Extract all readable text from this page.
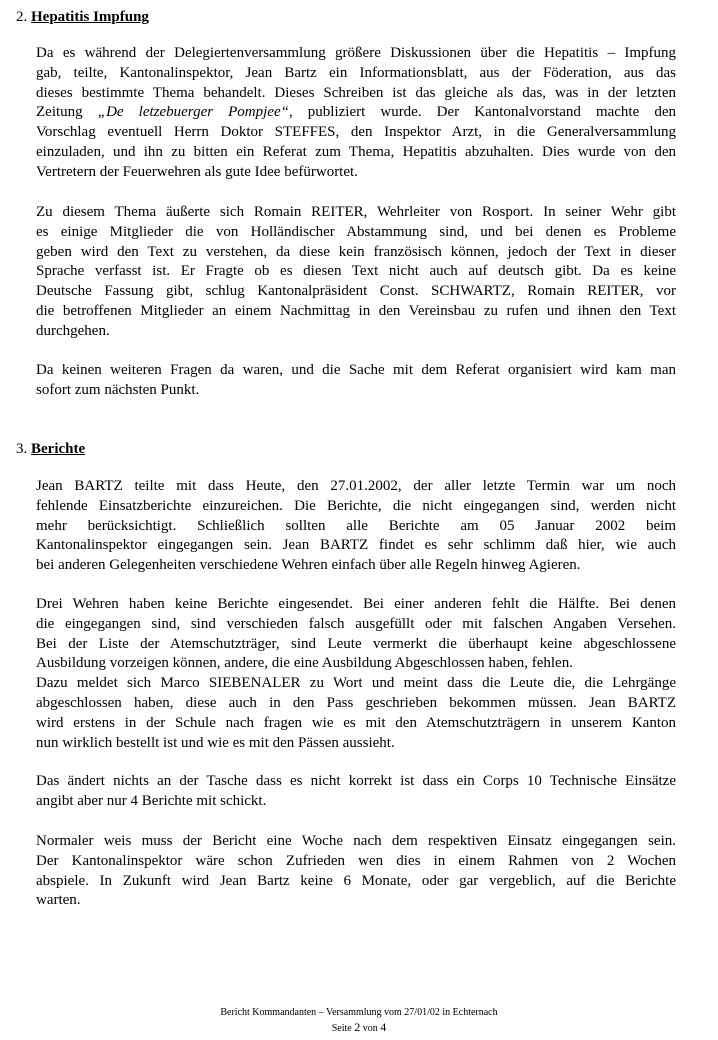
2. Hepatitis Impfung
Da es während der Delegiertenversammlung größere Diskussionen über die Hepatitis – Impfung
gab, teilte, Kantonalinspektor, Jean Bartz ein Informationsblatt, aus der Föderation, aus das
dieses bestimmte Thema behandelt. Dieses Schreiben ist das gleiche als das, was in der letzten
Zeitung „De letzebuerger Pompjee“, publiziert wurde. Der Kantonalvorstand machte den
Vorschlag eventuell Herrn Doktor STEFFES, den Inspektor Arzt, in die Generalversammlung
einzuladen, und ihn zu bitten ein Referat zum Thema, Hepatitis abzuhalten. Dies wurde von den
Vertretern der Feuerwehren als gute Idee befürwortet.
Zu diesem Thema äußerte sich Romain REITER, Wehrleiter von Rosport. In seiner Wehr gibt
es einige Mitglieder die von Holländischer Abstammung sind, und bei denen es Probleme
geben wird den Text zu verstehen, da diese kein französisch können, jedoch der Text in dieser
Sprache verfasst ist. Er Fragte ob es diesen Text nicht auch auf deutsch gibt. Da es keine
Deutsche Fassung gibt, schlug Kantonalpräsident Const. SCHWARTZ, Romain REITER, vor
die betroffenen Mitglieder an einem Nachmittag in den Vereinsbau zu rufen und ihnen den Text
durchgehen.
Da keinen weiteren Fragen da waren, und die Sache mit dem Referat organisiert wird kam man
sofort zum nächsten Punkt.
3. Berichte
Jean BARTZ teilte mit dass Heute, den 27.01.2002, der aller letzte Termin war um noch
fehlende Einsatzberichte einzureichen. Die Berichte, die nicht eingegangen sind, werden nicht
mehr berücksichtigt. Schließlich sollten alle Berichte am 05 Januar 2002 beim
Kantonalinspektor eingegangen sein. Jean BARTZ findet es sehr schlimm daß hier, wie auch
bei anderen Gelegenheiten verschiedene Wehren einfach über alle Regeln hinweg Agieren.
Drei Wehren haben keine Berichte eingesendet. Bei einer anderen fehlt die Hälfte. Bei denen
die eingegangen sind, sind verschieden falsch ausgefüllt oder mit falschen Angaben Versehen.
Bei der Liste der Atemschutzträger, sind Leute vermerkt die überhaupt keine abgeschlossene
Ausbildung vorzeigen können, andere, die eine Ausbildung Abgeschlossen haben, fehlen.
Dazu meldet sich Marco SIEBENALER zu Wort und meint dass die Leute die, die Lehrgänge
abgeschlossen haben, diese auch in den Pass geschrieben bekommen müssen. Jean BARTZ
wird erstens in der Schule nach fragen wie es mit den Atemschutzträgern in unserem Kanton
nun wirklich bestellt ist und wie es mit den Pässen aussieht.
Das ändert nichts an der Tasche dass es nicht korrekt ist dass ein Corps 10 Technische Einsätze
angibt aber nur 4 Berichte mit schickt.
Normaler weis muss der Bericht eine Woche nach dem respektiven Einsatz eingegangen sein.
Der Kantonalinspektor wäre schon Zufrieden wen dies in einem Rahmen von 2 Wochen
abspiele. In Zukunft wird Jean Bartz keine 6 Monate, oder gar vergeblich, auf die Berichte
warten.
Bericht Kommandanten – Versammlung vom 27/01/02 in Echternach
Seite 2 von 4
